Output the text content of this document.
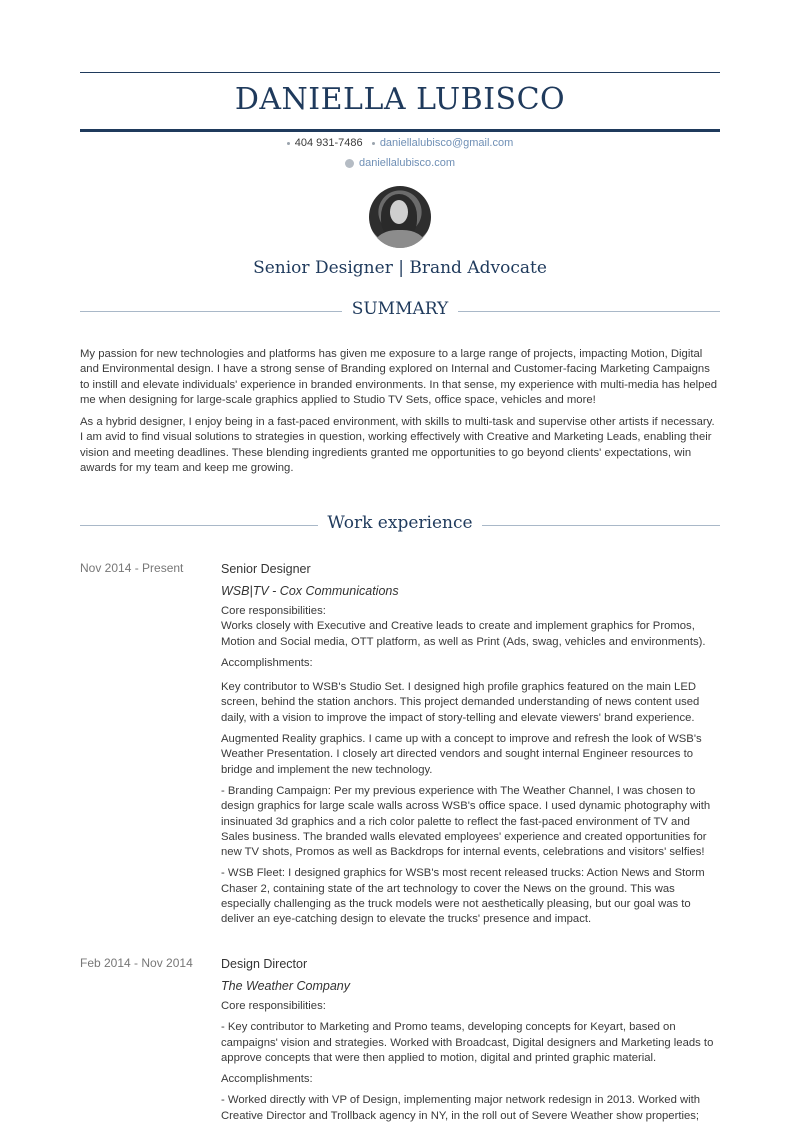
DANIELLA LUBISCO
404 931-7486 daniellalubisco@gmail.com
daniellalubisco.com
Senior Designer | Brand Advocate
SUMMARY

My passion for new technologies and platforms has given me exposure to a large range of projects, impacting Motion, Digital and Environmental design. I have a strong sense of Branding explored on Internal and Customer-facing Marketing Campaigns to instill and elevate individuals' experience in branded environments. In that sense, my experience with multi-media has helped me when designing for large-scale graphics applied to Studio TV Sets, office space, vehicles and more!

As a hybrid designer, I enjoy being in a fast-paced environment, with skills to multi-task and supervise other artists if necessary. I am avid to find visual solutions to strategies in question, working effectively with Creative and Marketing Leads, enabling their vision and meeting deadlines. These blending ingredients granted me opportunities to go beyond clients' expectations, win awards for my team and keep me growing.

Work experience
Nov 2014 - Present	Senior Designer
WSB|TV - Cox Communications

Core responsibilities:

Works closely with Executive and Creative leads to create and implement graphics for Promos, Motion and Social media, OTT platform, as well as Print (Ads, swag, vehicles and environments).

Accomplishments:

Key contributor to WSB's Studio Set. I designed high profile graphics featured on the main LED screen, behind the station anchors. This project demanded understanding of news content used daily, with a vision to improve the impact of story-telling and elevate viewers' brand experience.

Augmented Reality graphics. I came up with a concept to improve and refresh the look of WSB's Weather Presentation. I closely art directed vendors and sought internal Engineer resources to bridge and implement the new technology.

- Branding Campaign: Per my previous experience with The Weather Channel, I was chosen to design graphics for large scale walls across WSB's office space. I used dynamic photography with insinuated 3d graphics and a rich color palette to reflect the fast-paced environment of TV and Sales business. The branded walls elevated employees' experience and created opportunities for new TV shots, Promos as well as Backdrops for internal events, celebrations and visitors' selfies!

- WSB Fleet: I designed graphics for WSB's most recent released trucks: Action News and Storm Chaser 2, containing state of the art technology to cover the News on the ground. This was especially challenging as the truck models were not aesthetically pleasing, but our goal was to deliver an eye-catching design to elevate the trucks' presence and impact.

Feb 2014 - Nov 2014	Design Director
The Weather Company

Core responsibilities:

- Key contributor to Marketing and Promo teams, developing concepts for Keyart, based on campaigns' vision and strategies. Worked with Broadcast, Digital designers and Marketing leads to approve concepts that were then applied to motion, digital and printed graphic material.

Accomplishments:

- Worked directly with VP of Design, implementing major network redesign in 2013. Worked with Creative Director and Trollback agency in NY, in the roll out of Severe Weather show properties;
